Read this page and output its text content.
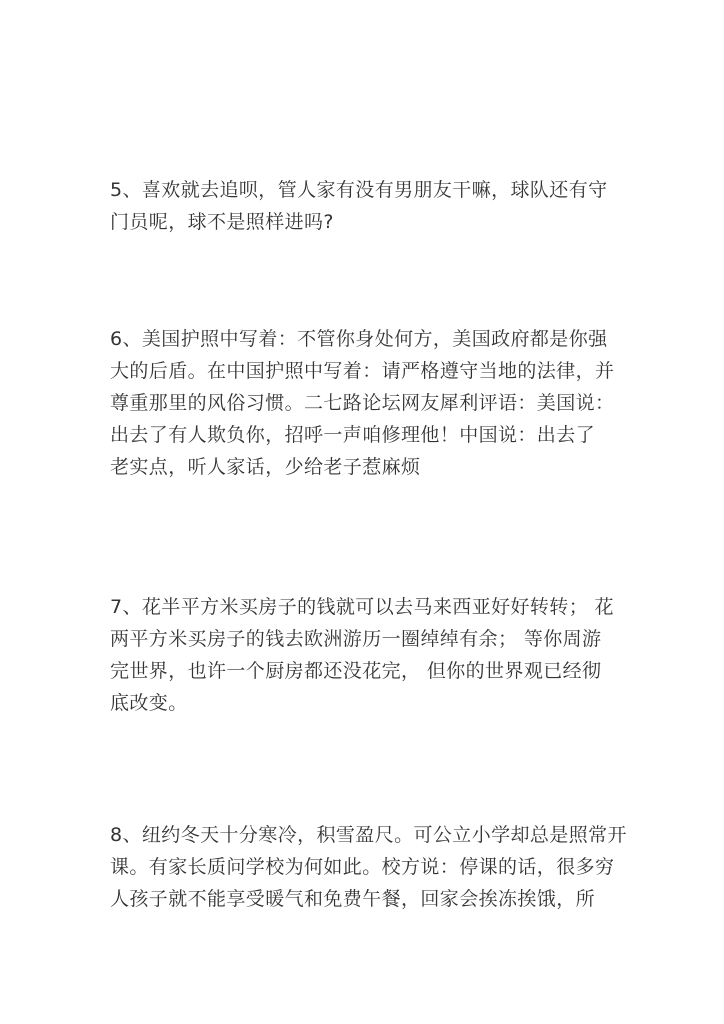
5、喜欢就去追呗，管人家有没有男朋友干嘛，球队还有守
门员呢，球不是照样进吗?

6、美国护照中写着：不管你身处何方，美国政府都是你强
大的后盾。在中国护照中写着：请严格遵守当地的法律，并
尊重那里的风俗习惯。二七路论坛网友犀利评语：美国说：
出去了有人欺负你，招呼一声咱修理他！中国说：出去了
老实点，听人家话，少给老子惹麻烦

7、花半平方米买房子的钱就可以去马来西亚好好转转； 花
两平方米买房子的钱去欧洲游历一圈绰绰有余； 等你周游
完世界，也许一个厨房都还没花完， 但你的世界观已经彻
底改变。

8、纽约冬天十分寒冷，积雪盈尺。可公立小学却总是照常开
课。有家长质问学校为何如此。校方说：停课的话，很多穷
人孩子就不能享受暖气和免费午餐，回家会挨冻挨饿，所
